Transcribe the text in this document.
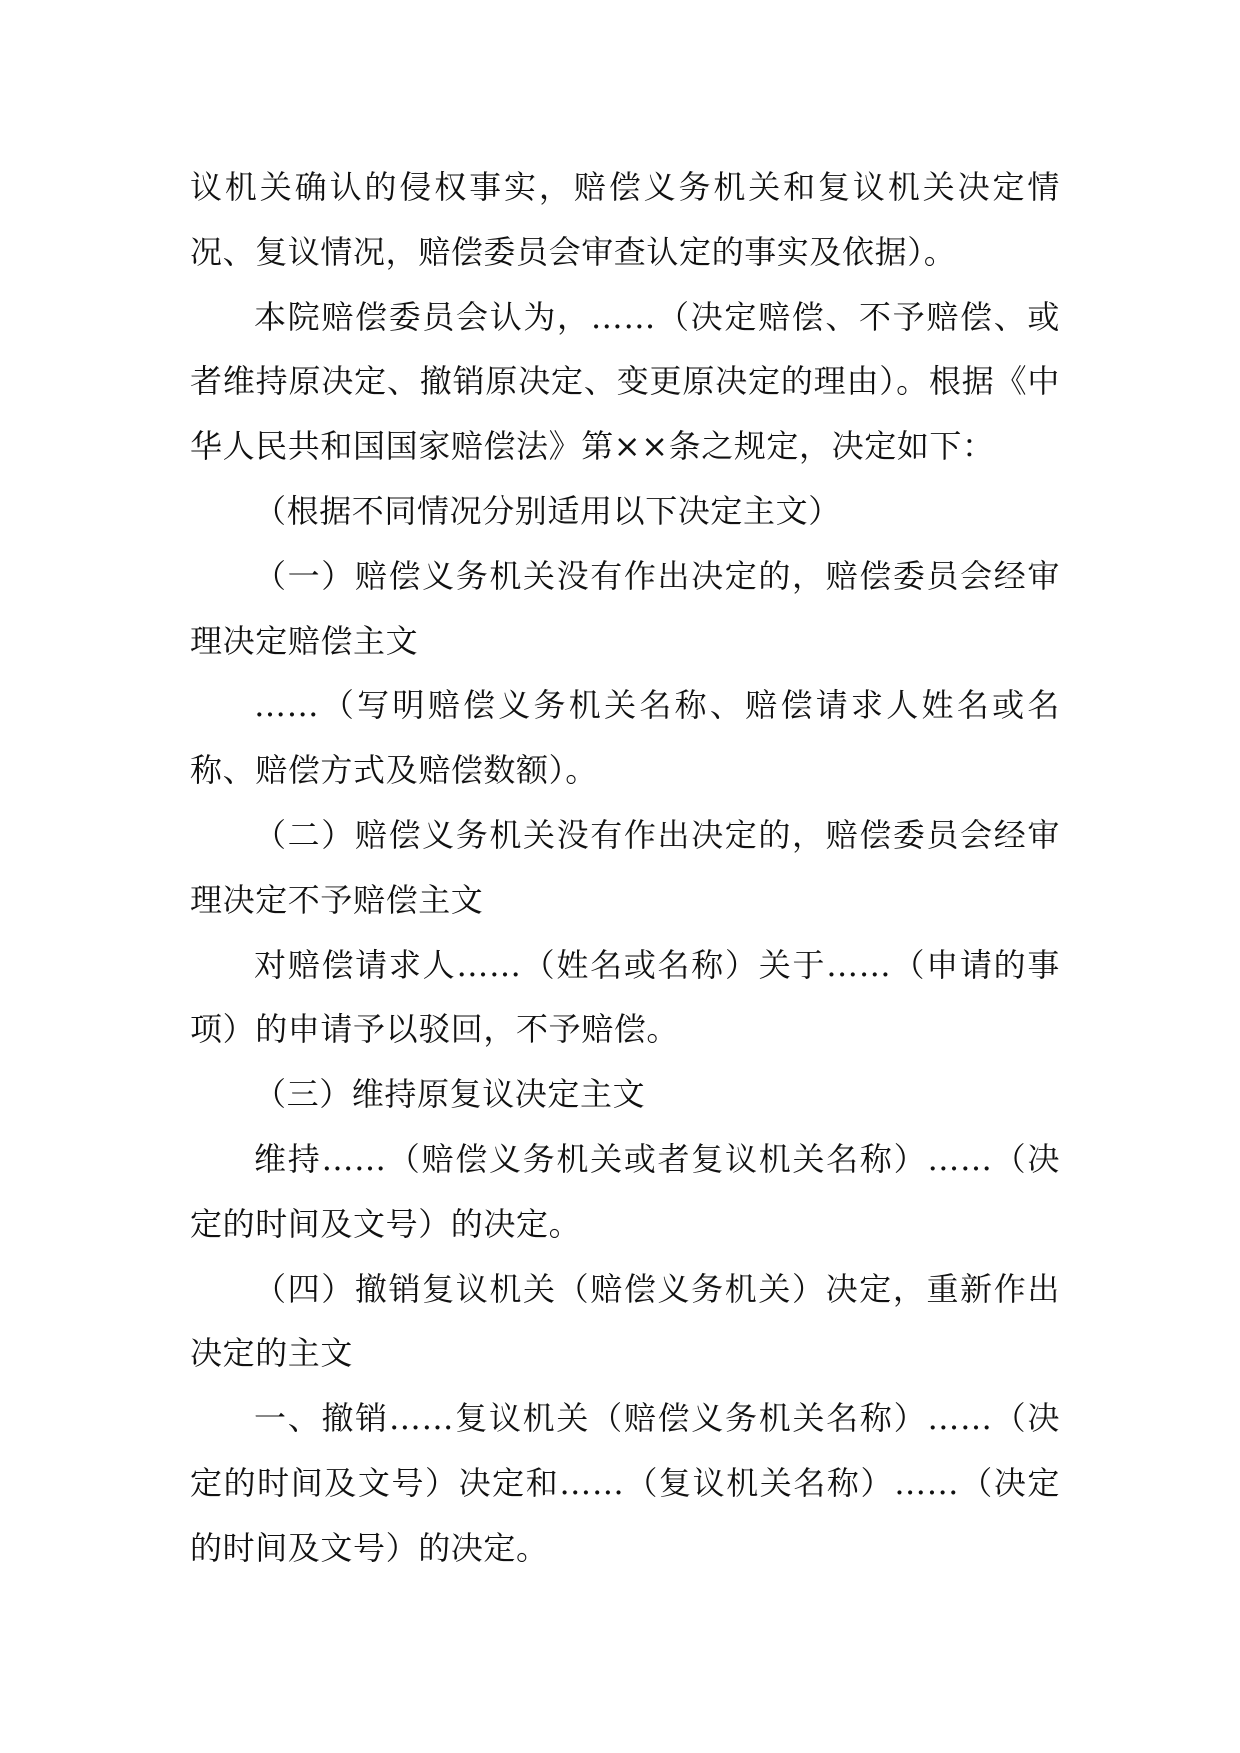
议机关确认的侵权事实，赔偿义务机关和复议机关决定情况、复议情况，赔偿委员会审查认定的事实及依据）。

本院赔偿委员会认为，……（决定赔偿、不予赔偿、或者维持原决定、撤销原决定、变更原决定的理由）。根据《中华人民共和国国家赔偿法》第××条之规定，决定如下：

（根据不同情况分别适用以下决定主文）

（一）赔偿义务机关没有作出决定的，赔偿委员会经审理决定赔偿主文

……（写明赔偿义务机关名称、赔偿请求人姓名或名称、赔偿方式及赔偿数额）。

（二）赔偿义务机关没有作出决定的，赔偿委员会经审理决定不予赔偿主文

对赔偿请求人……（姓名或名称）关于……（申请的事项）的申请予以驳回，不予赔偿。

（三）维持原复议决定主文

维持……（赔偿义务机关或者复议机关名称）……（决定的时间及文号）的决定。

（四）撤销复议机关（赔偿义务机关）决定，重新作出决定的主文

一、撤销……复议机关（赔偿义务机关名称）……（决定的时间及文号）决定和……（复议机关名称）……（决定的时间及文号）的决定。
